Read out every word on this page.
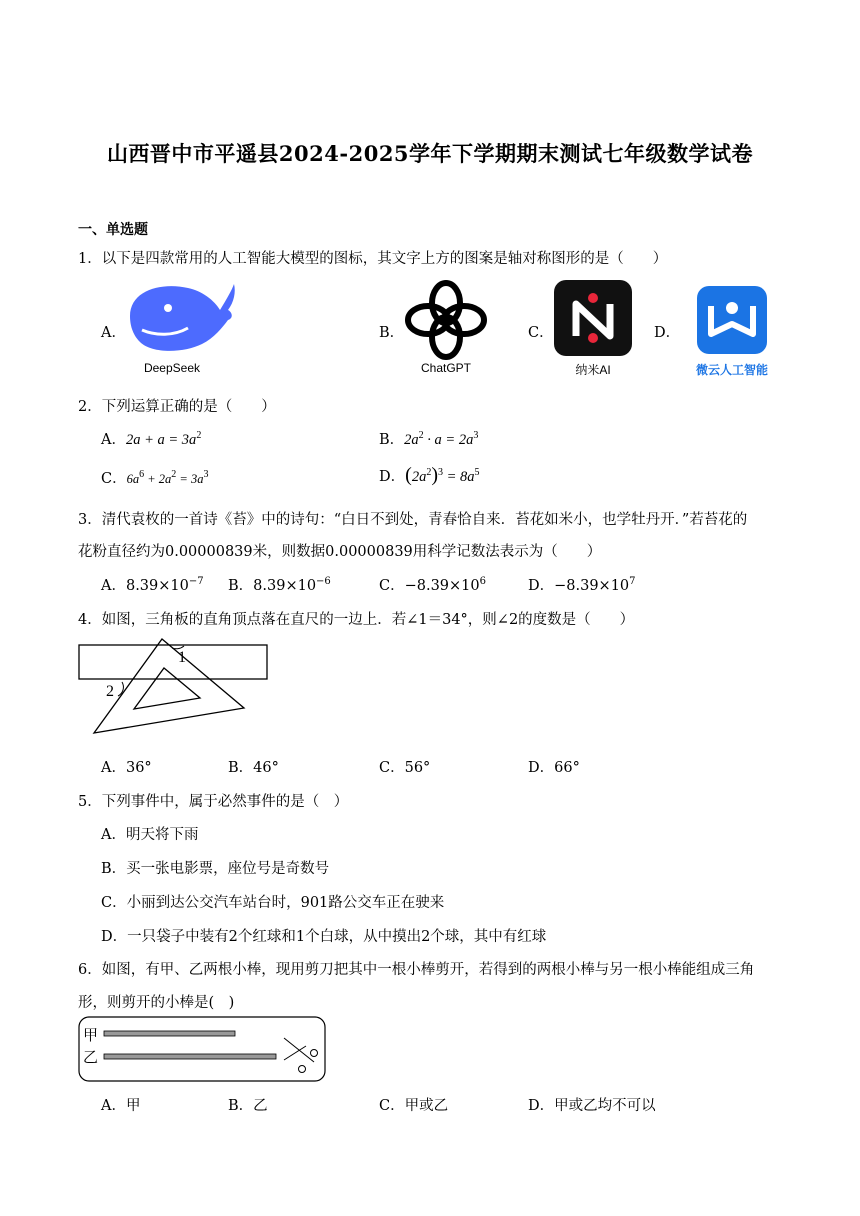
山西晋中市平遥县2024-2025学年下学期期末测试七年级数学试卷
一、单选题
1．以下是四款常用的人工智能大模型的图标，其文字上方的图案是轴对称图形的是（　　）
A．
DeepSeek
B．
ChatGPT
C．
纳米AI
D．
微云人工智能
2．下列运算正确的是（　　）
A．$2a + a = 3a^2$	B．$2a^2 \cdot a = 2a^3$
C．$6a^6 + 2a^2 = 3a^3$	D．$(2a^2)^3 = 8a^5$
3．清代袁枚的一首诗《苔》中的诗句：“白日不到处，青春恰自来．苔花如米小，也学牡丹开．”若苔花的
花粉直径约为0.00000839米，则数据0.00000839用科学记数法表示为（　　）
A．$8.39\times 10^{-7}$ B．$8.39\times 10^{-6}$	C．$-8.39\times 10^6$	D．$-8.39\times 10^7$
4．如图，三角板的直角顶点落在直尺的一边上．若∠1＝34°，则∠2的度数是（　　）
1
2
A．36°	B．46°	C．56°	D．66°
5．下列事件中，属于必然事件的是（　）
A．明天将下雨
B．买一张电影票，座位号是奇数号
C．小丽到达公交汽车站台时，901路公交车正在驶来
D．一只袋子中装有2个红球和1个白球，从中摸出2个球，其中有红球
6．如图，有甲、乙两根小棒，现用剪刀把其中一根小棒剪开，若得到的两根小棒与另一根小棒能组成三角
形，则剪开的小棒是(　)
甲
乙
A．甲	B．乙	C．甲或乙	D．甲或乙均不可以
